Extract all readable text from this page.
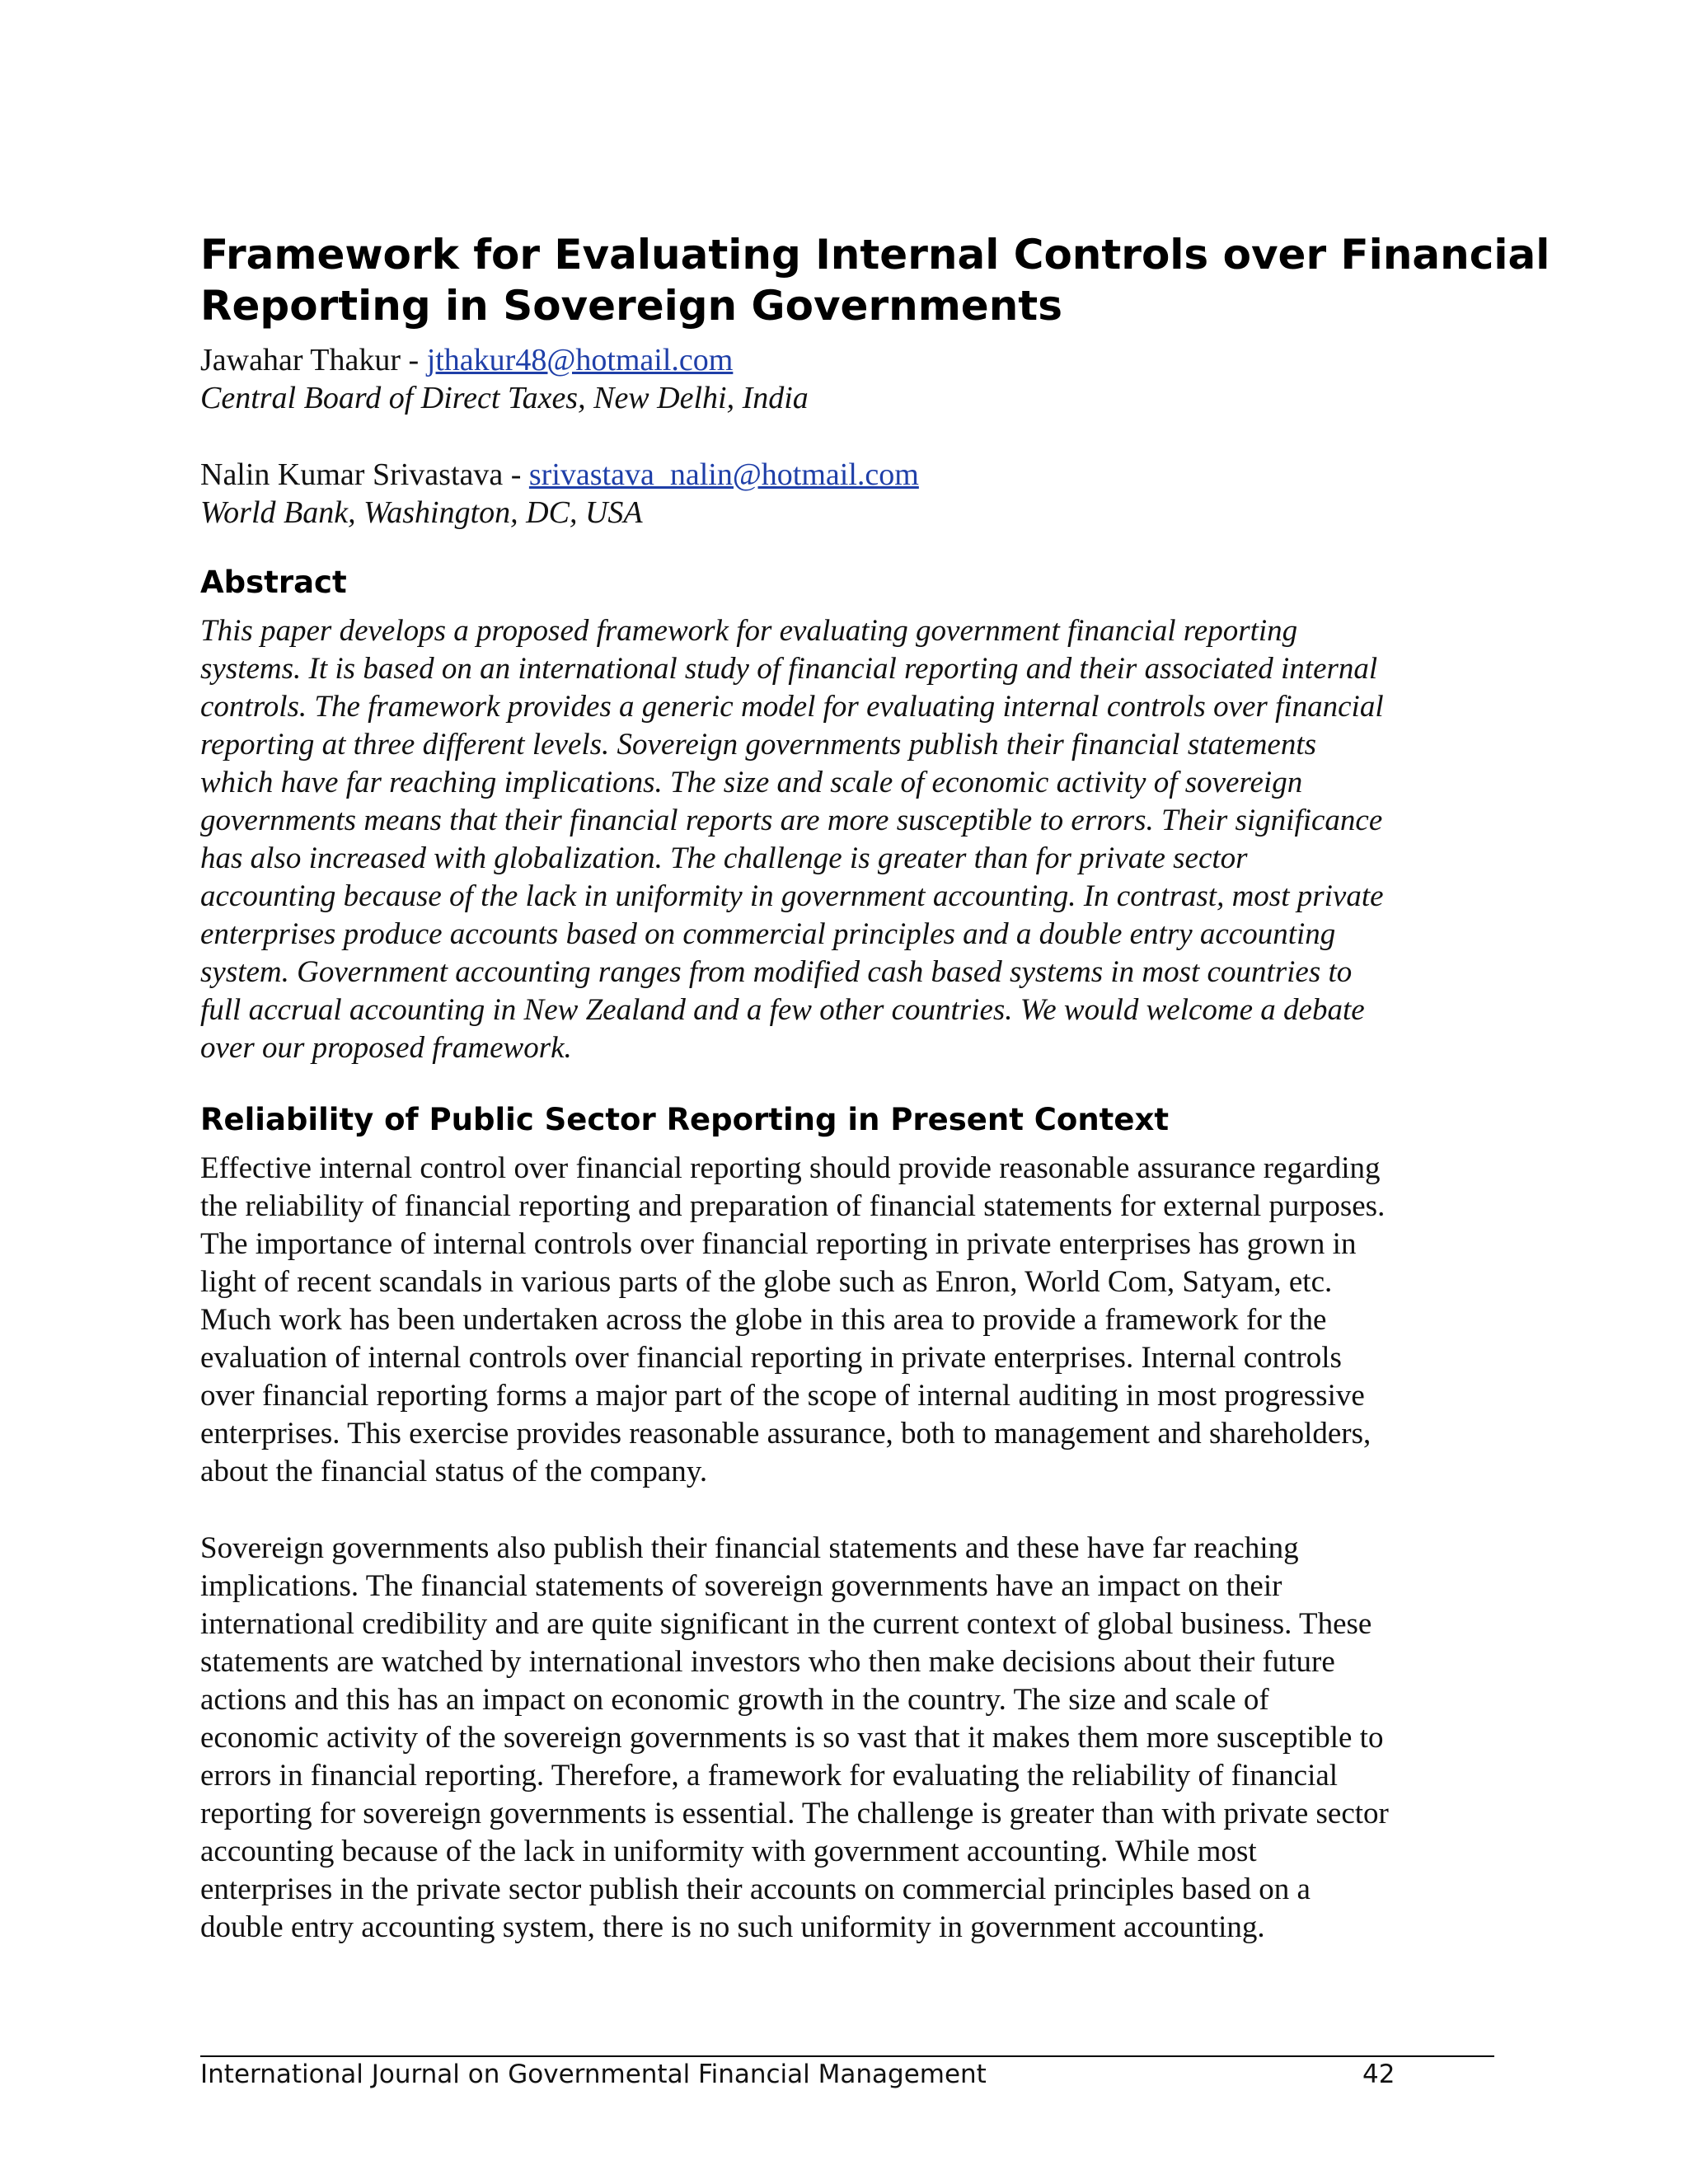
Framework for Evaluating Internal Controls over Financial
Reporting in Sovereign Governments
Jawahar Thakur - jthakur48@hotmail.com
Central Board of Direct Taxes, New Delhi, India
Nalin Kumar Srivastava - srivastava_nalin@hotmail.com
World Bank, Washington, DC, USA
Abstract
This paper develops a proposed framework for evaluating government financial reporting
systems. It is based on an international study of financial reporting and their associated internal
controls. The framework provides a generic model for evaluating internal controls over financial
reporting at three different levels. Sovereign governments publish their financial statements
which have far reaching implications. The size and scale of economic activity of sovereign
governments means that their financial reports are more susceptible to errors. Their significance
has also increased with globalization. The challenge is greater than for private sector
accounting because of the lack in uniformity in government accounting. In contrast, most private
enterprises produce accounts based on commercial principles and a double entry accounting
system. Government accounting ranges from modified cash based systems in most countries to
full accrual accounting in New Zealand and a few other countries. We would welcome a debate
over our proposed framework.
Reliability of Public Sector Reporting in Present Context
Effective internal control over financial reporting should provide reasonable assurance regarding
the reliability of financial reporting and preparation of financial statements for external purposes.
The importance of internal controls over financial reporting in private enterprises has grown in
light of recent scandals in various parts of the globe such as Enron, World Com, Satyam, etc.
Much work has been undertaken across the globe in this area to provide a framework for the
evaluation of internal controls over financial reporting in private enterprises. Internal controls
over financial reporting forms a major part of the scope of internal auditing in most progressive
enterprises. This exercise provides reasonable assurance, both to management and shareholders,
about the financial status of the company.
Sovereign governments also publish their financial statements and these have far reaching
implications. The financial statements of sovereign governments have an impact on their
international credibility and are quite significant in the current context of global business. These
statements are watched by international investors who then make decisions about their future
actions and this has an impact on economic growth in the country. The size and scale of
economic activity of the sovereign governments is so vast that it makes them more susceptible to
errors in financial reporting. Therefore, a framework for evaluating the reliability of financial
reporting for sovereign governments is essential. The challenge is greater than with private sector
accounting because of the lack in uniformity with government accounting. While most
enterprises in the private sector publish their accounts on commercial principles based on a
double entry accounting system, there is no such uniformity in government accounting.
International Journal on Governmental Financial Management	42
